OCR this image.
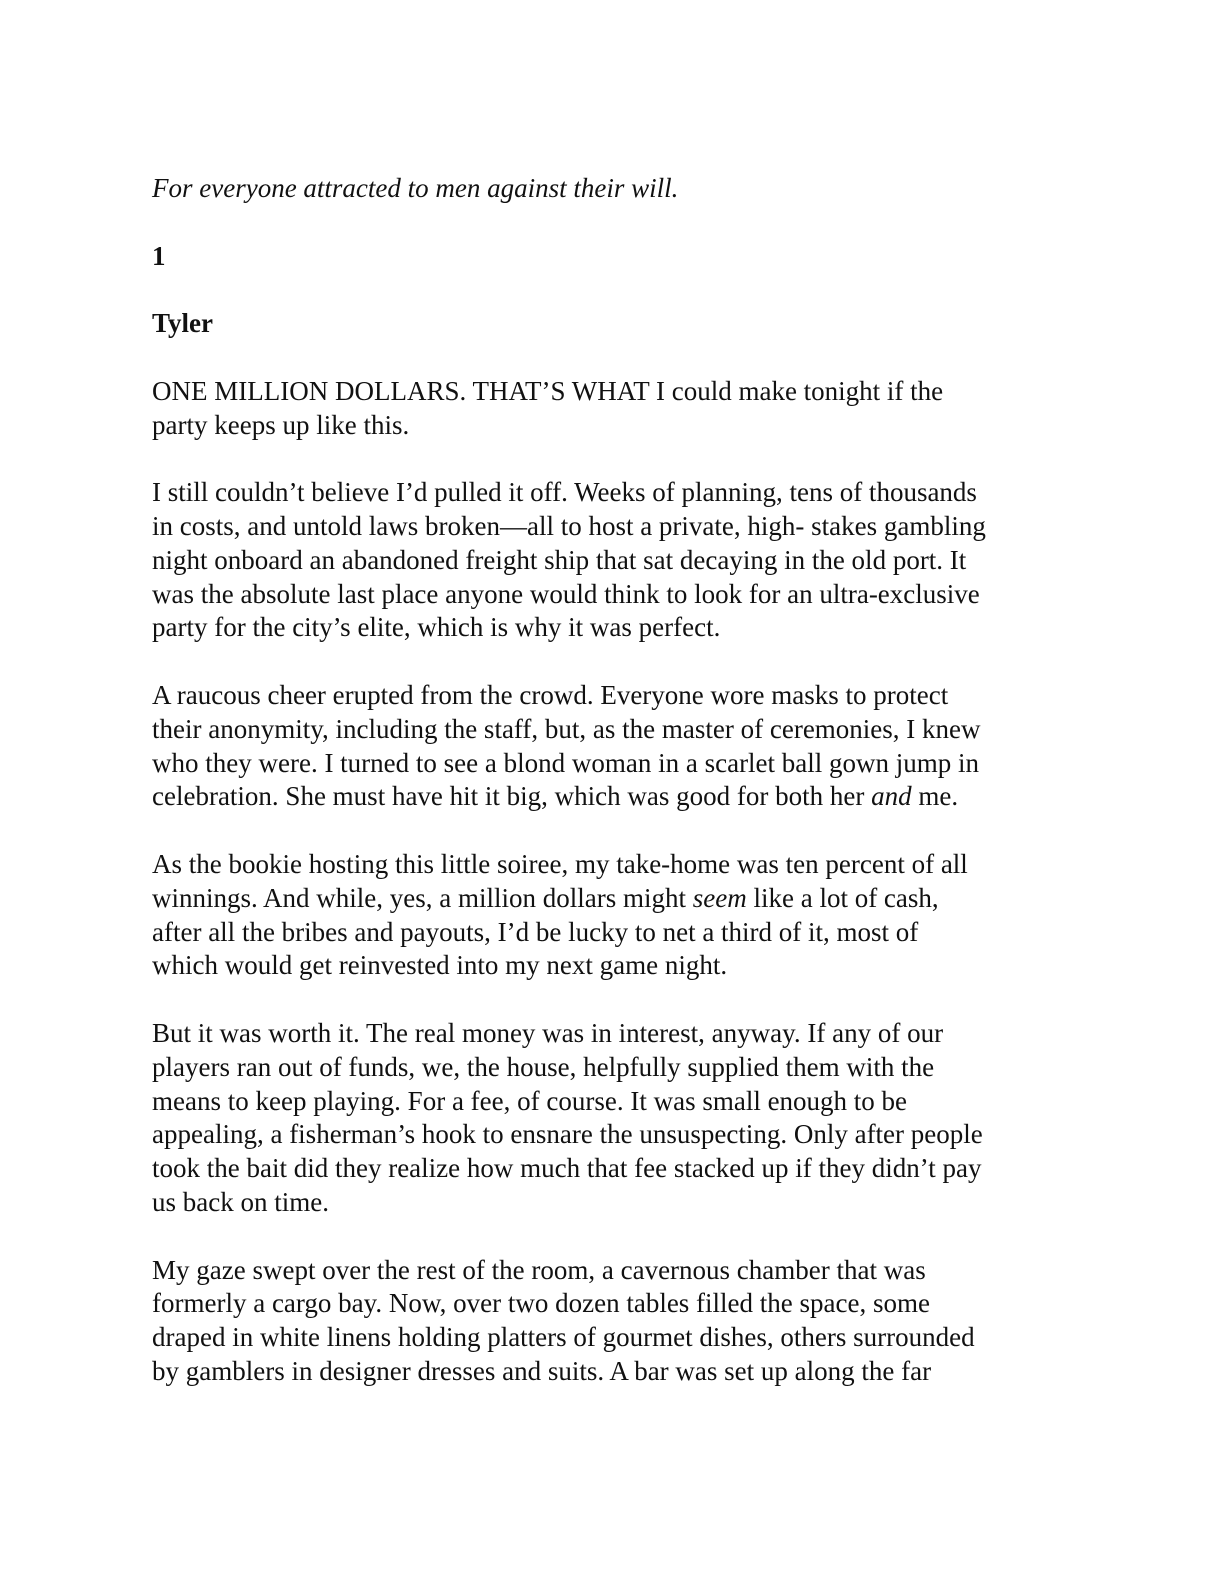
For everyone attracted to men against their will.

1

Tyler

ONE MILLION DOLLARS. THAT’S WHAT I could make tonight if the
party keeps up like this.

I still couldn’t believe I’d pulled it off. Weeks of planning, tens of thousands
in costs, and untold laws broken—all to host a private, high- stakes gambling
night onboard an abandoned freight ship that sat decaying in the old port. It
was the absolute last place anyone would think to look for an ultra-exclusive
party for the city’s elite, which is why it was perfect.

A raucous cheer erupted from the crowd. Everyone wore masks to protect
their anonymity, including the staff, but, as the master of ceremonies, I knew
who they were. I turned to see a blond woman in a scarlet ball gown jump in
celebration. She must have hit it big, which was good for both her and me.

As the bookie hosting this little soiree, my take-home was ten percent of all
winnings. And while, yes, a million dollars might seem like a lot of cash,
after all the bribes and payouts, I’d be lucky to net a third of it, most of
which would get reinvested into my next game night.

But it was worth it. The real money was in interest, anyway. If any of our
players ran out of funds, we, the house, helpfully supplied them with the
means to keep playing. For a fee, of course. It was small enough to be
appealing, a fisherman’s hook to ensnare the unsuspecting. Only after people
took the bait did they realize how much that fee stacked up if they didn’t pay
us back on time.

My gaze swept over the rest of the room, a cavernous chamber that was
formerly a cargo bay. Now, over two dozen tables filled the space, some
draped in white linens holding platters of gourmet dishes, others surrounded
by gamblers in designer dresses and suits. A bar was set up along the far
